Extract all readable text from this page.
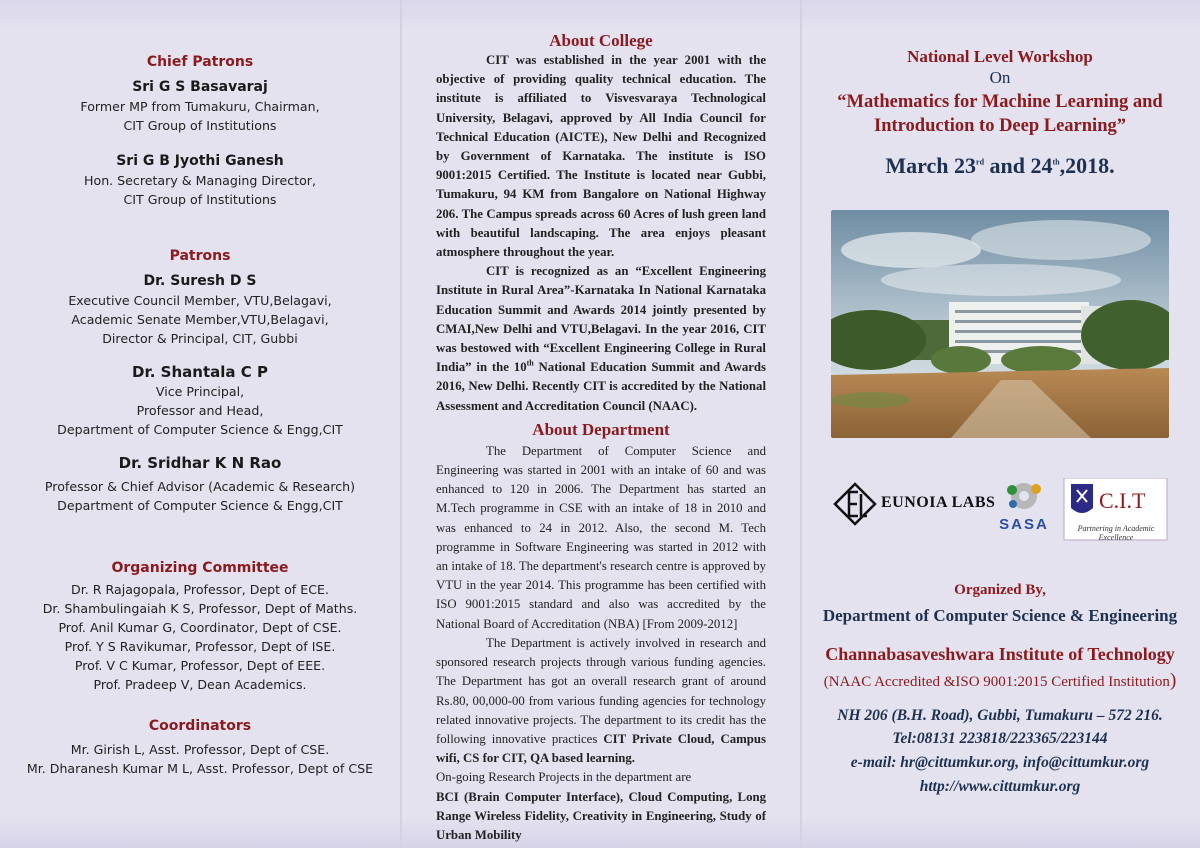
Chief Patrons
Sri G S Basavaraj
Former MP from Tumakuru, Chairman,
CIT Group of Institutions
Sri G B Jyothi Ganesh
Hon. Secretary & Managing Director,
CIT Group of Institutions
Patrons
Dr. Suresh D S
Executive Council Member, VTU,Belagavi,
Academic Senate Member,VTU,Belagavi,
Director & Principal, CIT, Gubbi
Dr. Shantala C P
Vice Principal,
Professor and Head,
Department of Computer Science & Engg,CIT
Dr. Sridhar K N Rao
Professor & Chief Advisor (Academic & Research)
Department of Computer Science & Engg,CIT
Organizing Committee
Dr. R Rajagopala, Professor, Dept of ECE.
Dr. Shambulingaiah K S, Professor, Dept of Maths.
Prof. Anil Kumar G, Coordinator, Dept of CSE.
Prof. Y S Ravikumar, Professor, Dept of ISE.
Prof. V C Kumar, Professor, Dept of EEE.
Prof. Pradeep V, Dean Academics.
Coordinators
Mr. Girish L, Asst. Professor, Dept of CSE.
Mr. Dharanesh Kumar M L, Asst. Professor, Dept of CSE
About College

CIT was established in the year 2001 with the objective of providing quality technical education. The institute is affiliated to Visvesvaraya Technological University, Belagavi, approved by All India Council for Technical Education (AICTE), New Delhi and Recognized by Government of Karnataka. The institute is ISO 9001:2015 Certified. The Institute is located near Gubbi, Tumakuru, 94 KM from Bangalore on National Highway 206. The Campus spreads across 60 Acres of lush green land with beautiful landscaping. The area enjoys pleasant atmosphere throughout the year.

CIT is recognized as an “Excellent Engineering Institute in Rural Area”-Karnataka In National Karnataka Education Summit and Awards 2014 jointly presented by CMAI,New Delhi and VTU,Belagavi. In the year 2016, CIT was bestowed with “Excellent Engineering College in Rural India” in the 10th National Education Summit and Awards 2016, New Delhi. Recently CIT is accredited by the National Assessment and Accreditation Council (NAAC).

About Department

The Department of Computer Science and Engineering was started in 2001 with an intake of 60 and was enhanced to 120 in 2006. The Department has started an M.Tech programme in CSE with an intake of 18 in 2010 and was enhanced to 24 in 2012. Also, the second M. Tech programme in Software Engineering was started in 2012 with an intake of 18. The department's research centre is approved by VTU in the year 2014. This programme has been certified with ISO 9001:2015 standard and also was accredited by the National Board of Accreditation (NBA) [From 2009-2012]

The Department is actively involved in research and sponsored research projects through various funding agencies. The Department has got an overall research grant of around Rs.80, 00,000-00 from various funding agencies for technology related innovative projects. The department to its credit has the following innovative practices CIT Private Cloud, Campus wifi, CS for CIT, QA based learning.

On-going Research Projects in the department are

BCI (Brain Computer Interface), Cloud Computing, Long Range Wireless Fidelity, Creativity in Engineering, Study of Urban Mobility

National Level Workshop
On
“Mathematics for Machine Learning and
Introduction to Deep Learning”
March 23rd and 24th,2018.
EUNOIA LABS
SASA
C.I.T
Partnering in Academic Excellence
Organized By,
Department of Computer Science & Engineering
Channabasaveshwara Institute of Technology
(NAAC Accredited &ISO 9001:2015 Certified Institution)
NH 206 (B.H. Road), Gubbi, Tumakuru – 572 216.
Tel:08131 223818/223365/223144
e-mail: hr@cittumkur.org, info@cittumkur.org
http://www.cittumkur.org
